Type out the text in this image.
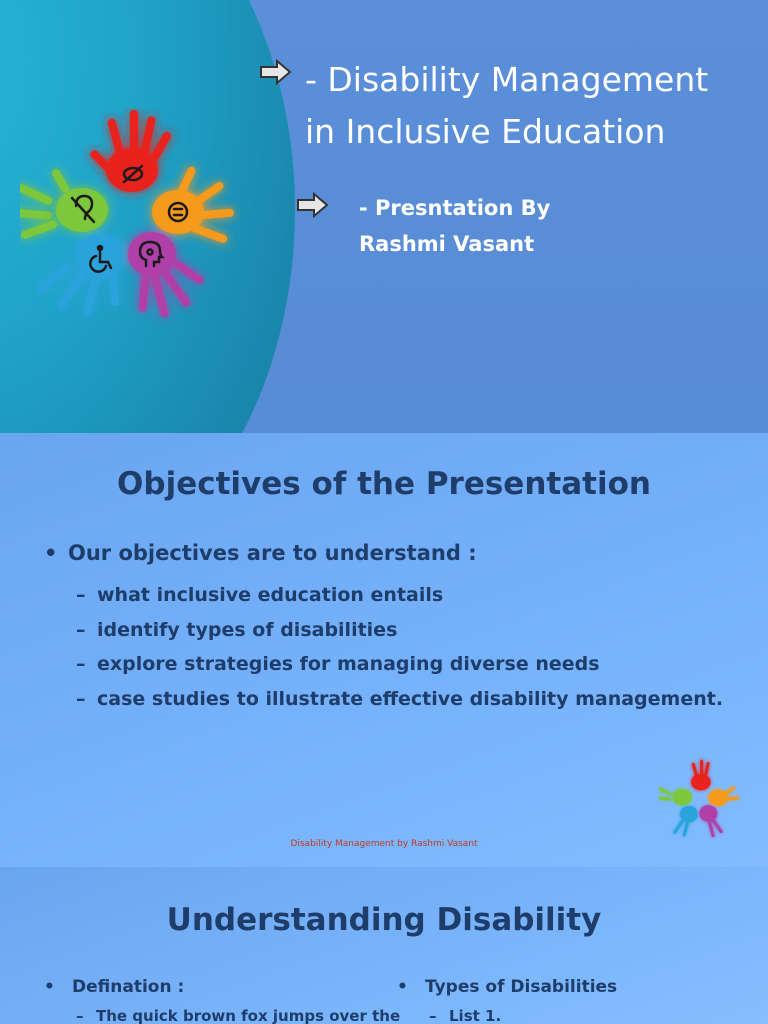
- Disability Management
in Inclusive Education
- Presntation By
Rashmi Vasant
Objectives of the Presentation
• Our objectives are to understand :
– what inclusive education entails
– identify types of disabilities
– explore strategies for managing diverse needs
– case studies to illustrate effective disability management.
Disability Management by Rashmi Vasant
Understanding Disability
• Defination :
– The quick brown fox jumps over the
• Types of Disabilities
– List 1.
